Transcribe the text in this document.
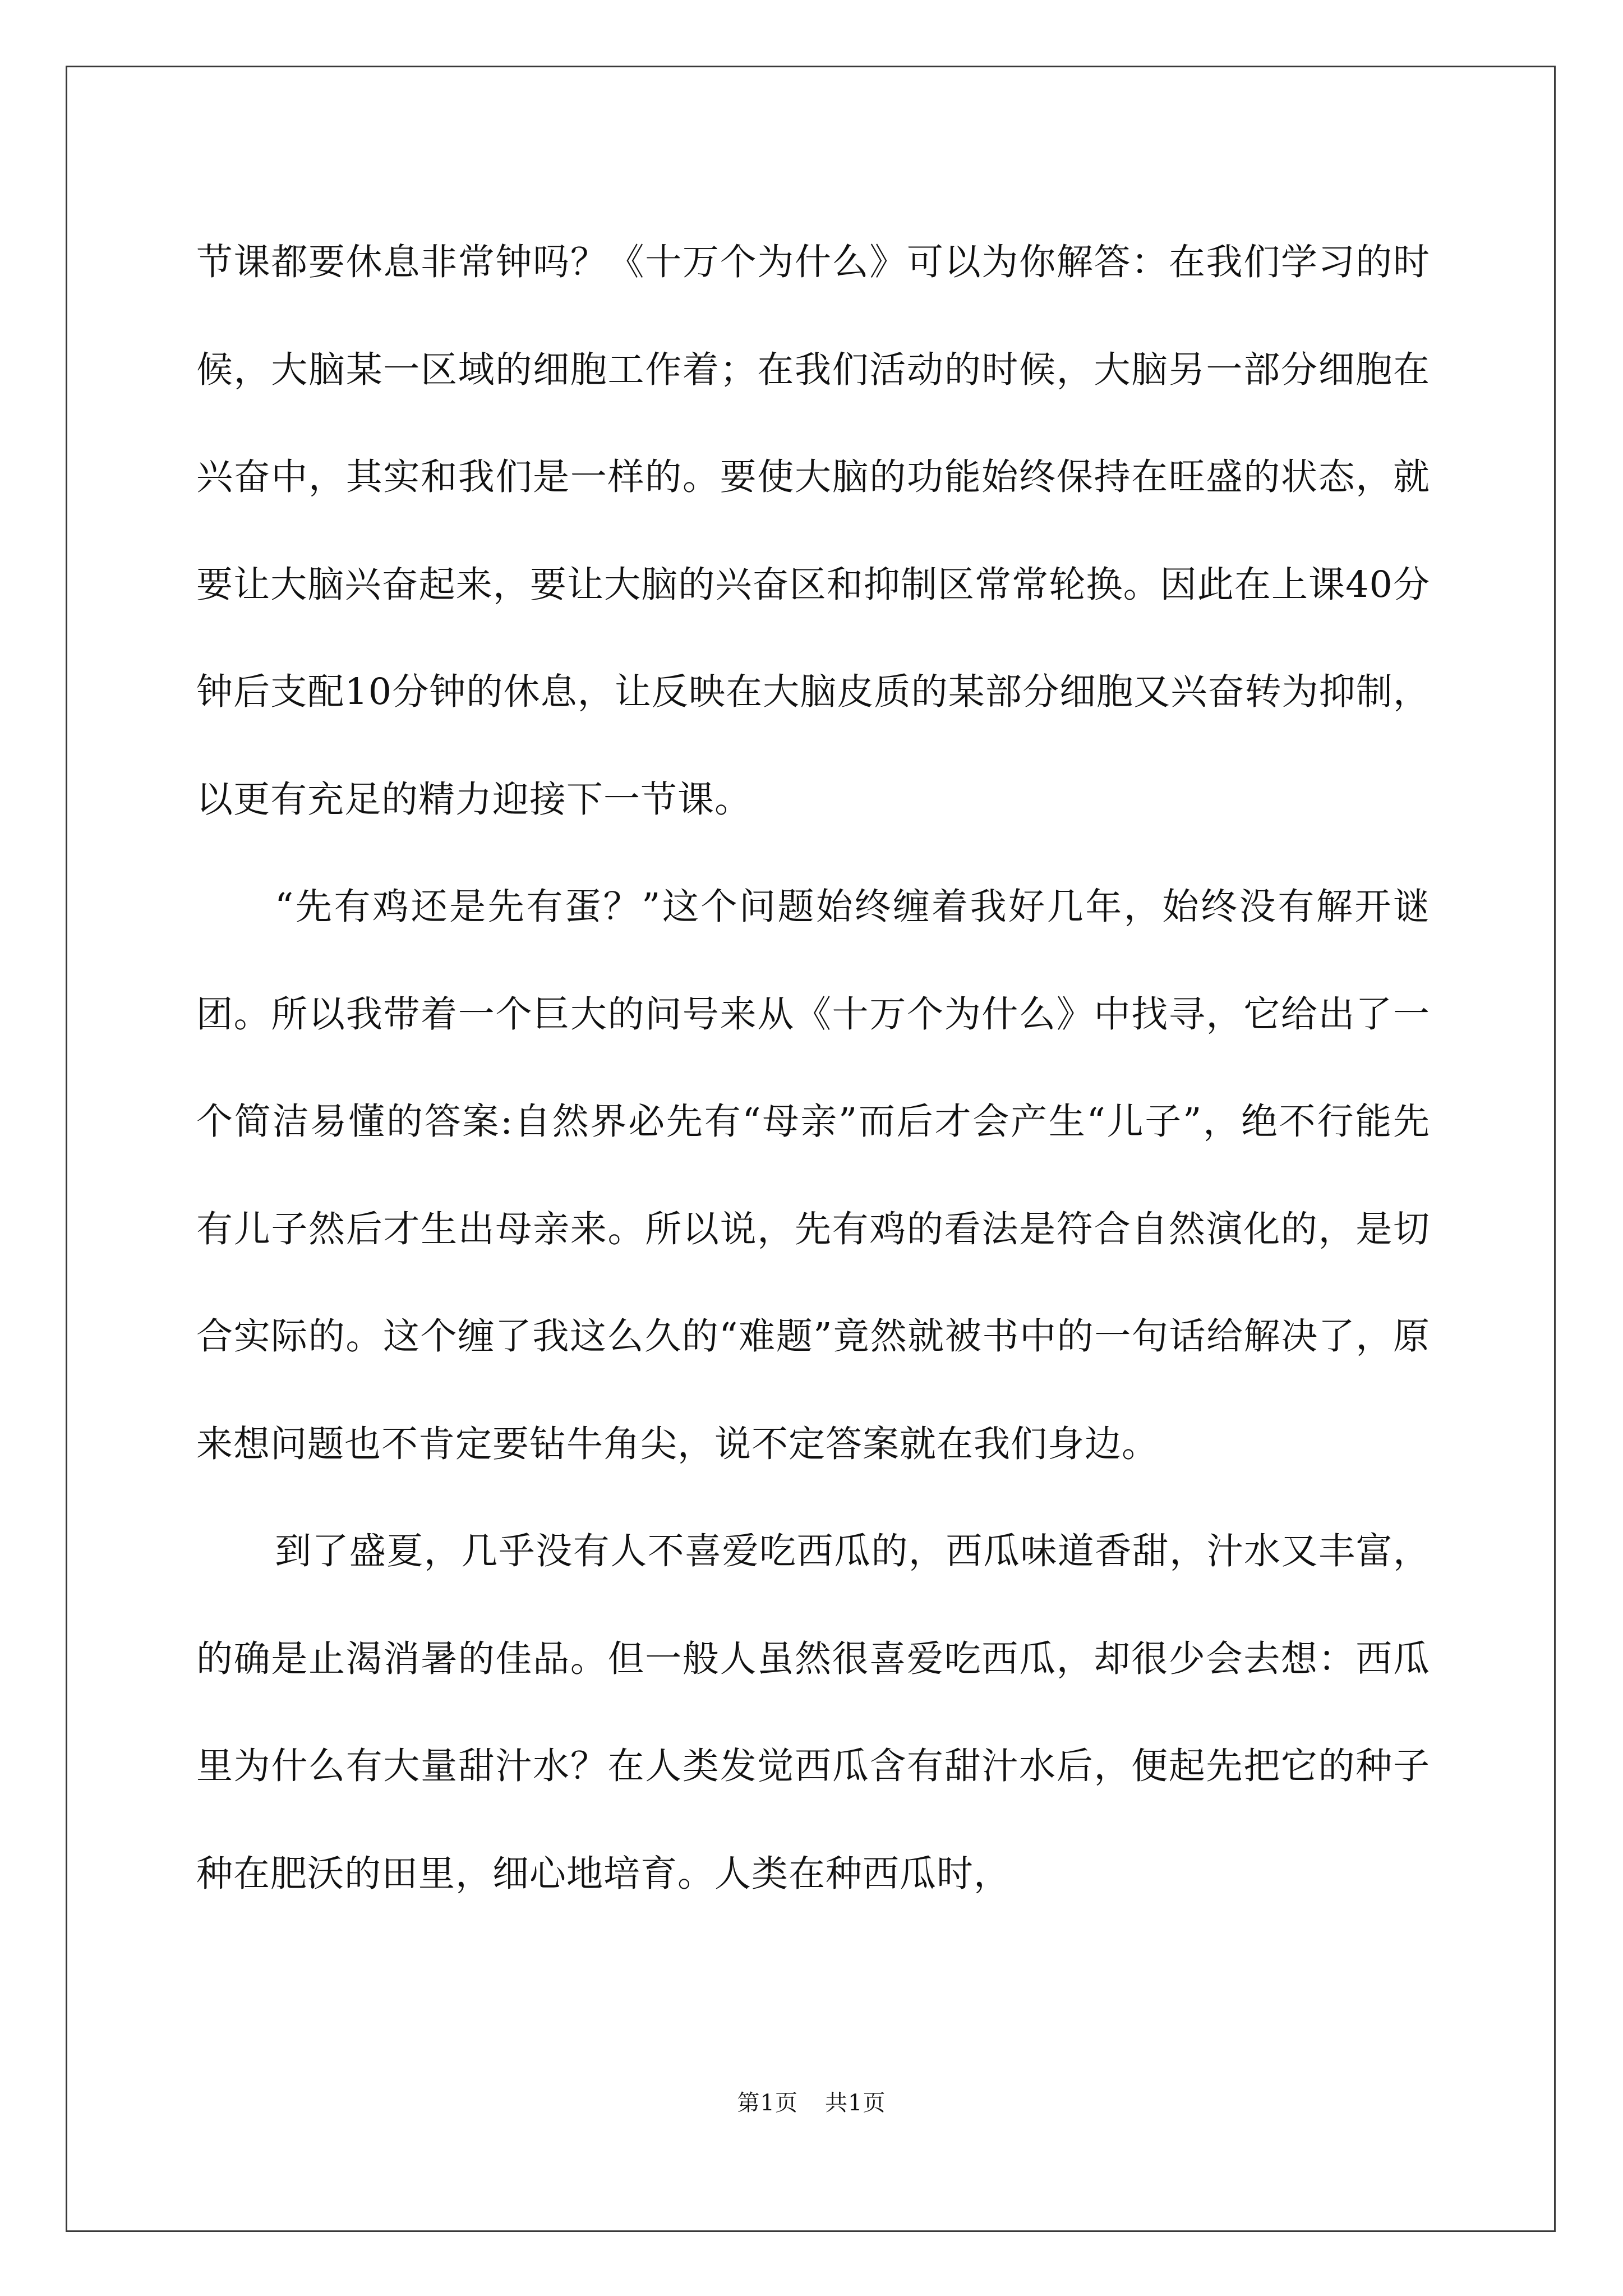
节课都要休息非常钟吗？《十万个为什么》可以为你解答：在我们学习的时候，大脑某一区域的细胞工作着；在我们活动的时候，大脑另一部分细胞在兴奋中，其实和我们是一样的。要使大脑的功能始终保持在旺盛的状态，就要让大脑兴奋起来，要让大脑的兴奋区和抑制区常常轮换。因此在上课40分钟后支配10分钟的休息，让反映在大脑皮质的某部分细胞又兴奋转为抑制，以更有充足的精力迎接下一节课。

“先有鸡还是先有蛋？”这个问题始终缠着我好几年，始终没有解开谜团。所以我带着一个巨大的问号来从《十万个为什么》中找寻，它给出了一个简洁易懂的答案:自然界必先有“母亲”而后才会产生“儿子”，绝不行能先有儿子然后才生出母亲来。所以说，先有鸡的看法是符合自然演化的，是切合实际的。这个缠了我这么久的“难题”竟然就被书中的一句话给解决了，原来想问题也不肯定要钻牛角尖，说不定答案就在我们身边。

到了盛夏，几乎没有人不喜爱吃西瓜的，西瓜味道香甜，汁水又丰富，的确是止渴消暑的佳品。但一般人虽然很喜爱吃西瓜，却很少会去想：西瓜里为什么有大量甜汁水？在人类发觉西瓜含有甜汁水后，便起先把它的种子种在肥沃的田里，细心地培育。人类在种西瓜时，

第1页 共1页
